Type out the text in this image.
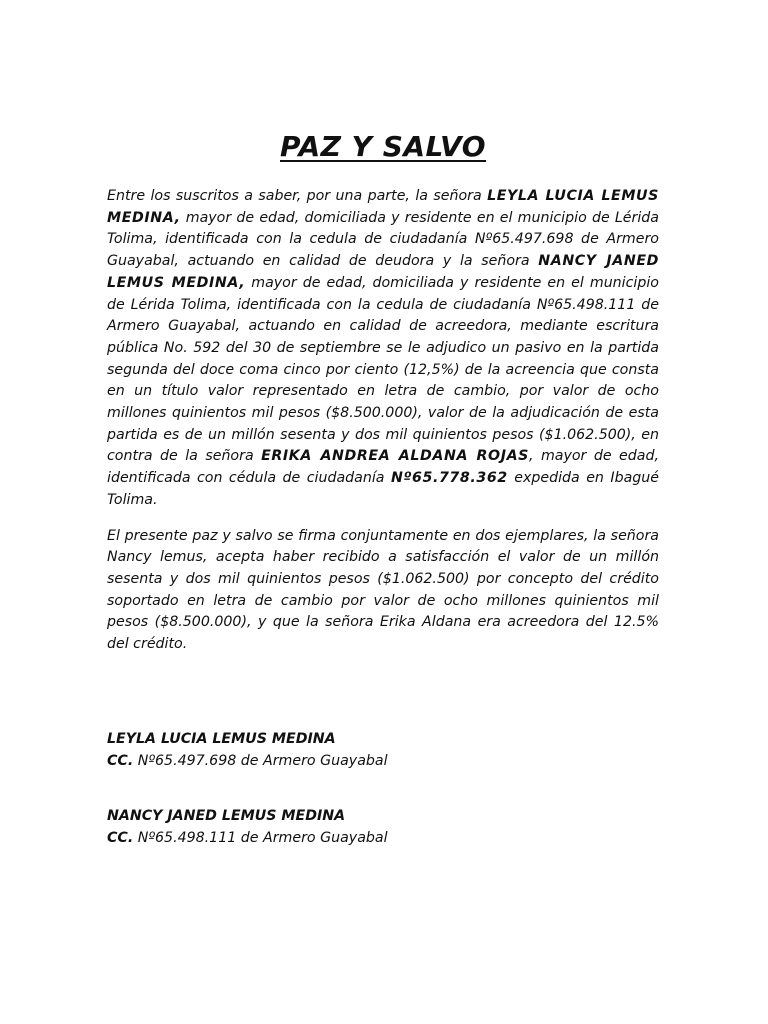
PAZ Y SALVO

Entre los suscritos a saber, por una parte, la señora LEYLA LUCIA LEMUS MEDINA, mayor de edad, domiciliada y residente en el municipio de Lérida Tolima, identificada con la cedula de ciudadanía Nº65.497.698 de Armero Guayabal, actuando en calidad de deudora y la señora NANCY JANED LEMUS MEDINA, mayor de edad, domiciliada y residente en el municipio de Lérida Tolima, identificada con la cedula de ciudadanía Nº65.498.111 de Armero Guayabal, actuando en calidad de acreedora, mediante escritura pública No. 592 del 30 de septiembre se le adjudico un pasivo en la partida segunda del doce coma cinco por ciento (12,5%) de la acreencia que consta en un título valor representado en letra de cambio, por valor de ocho millones quinientos mil pesos ($8.500.000), valor de la adjudicación de esta partida es de un millón sesenta y dos mil quinientos pesos ($1.062.500), en contra de la señora ERIKA ANDREA ALDANA ROJAS, mayor de edad, identificada con cédula de ciudadanía Nº65.778.362 expedida en Ibagué Tolima.

El presente paz y salvo se firma conjuntamente en dos ejemplares, la señora Nancy lemus, acepta haber recibido a satisfacción el valor de un millón sesenta y dos mil quinientos pesos ($1.062.500) por concepto del crédito soportado en letra de cambio por valor de ocho millones quinientos mil pesos ($8.500.000), y que la señora Erika Aldana era acreedora del 12.5% del crédito.

LEYLA LUCIA LEMUS MEDINA
CC. Nº65.497.698 de Armero Guayabal
NANCY JANED LEMUS MEDINA
CC. Nº65.498.111 de Armero Guayabal
